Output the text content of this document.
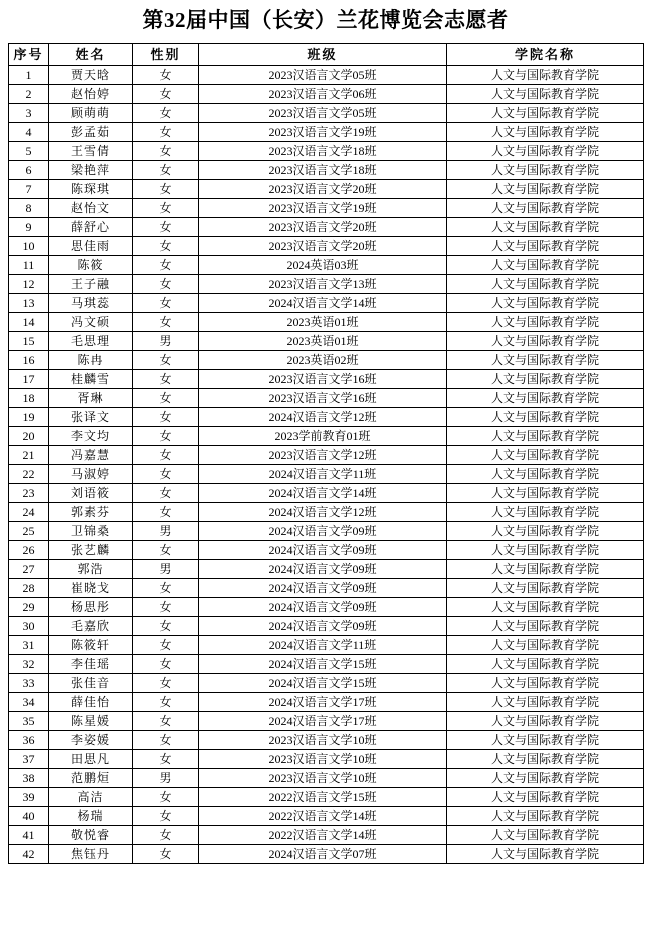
第32届中国（长安）兰花博览会志愿者
序号	姓名	性别	班级	学院名称
1	贾天晗	女	2023汉语言文学05班	人文与国际教育学院
2	赵怡婷	女	2023汉语言文学06班	人文与国际教育学院
3	顾萌萌	女	2023汉语言文学05班	人文与国际教育学院
4	彭孟茹	女	2023汉语言文学19班	人文与国际教育学院
5	王雪倩	女	2023汉语言文学18班	人文与国际教育学院
6	梁艳萍	女	2023汉语言文学18班	人文与国际教育学院
7	陈琛琪	女	2023汉语言文学20班	人文与国际教育学院
8	赵怡文	女	2023汉语言文学19班	人文与国际教育学院
9	薛舒心	女	2023汉语言文学20班	人文与国际教育学院
10	思佳雨	女	2023汉语言文学20班	人文与国际教育学院
11	陈筱	女	2024英语03班	人文与国际教育学院
12	王子融	女	2023汉语言文学13班	人文与国际教育学院
13	马琪蕊	女	2024汉语言文学14班	人文与国际教育学院
14	冯文硕	女	2023英语01班	人文与国际教育学院
15	毛思理	男	2023英语01班	人文与国际教育学院
16	陈冉	女	2023英语02班	人文与国际教育学院
17	桂麟雪	女	2023汉语言文学16班	人文与国际教育学院
18	胥琳	女	2023汉语言文学16班	人文与国际教育学院
19	张译文	女	2024汉语言文学12班	人文与国际教育学院
20	李文均	女	2023学前教育01班	人文与国际教育学院
21	冯嘉慧	女	2023汉语言文学12班	人文与国际教育学院
22	马淑婷	女	2024汉语言文学11班	人文与国际教育学院
23	刘语筱	女	2024汉语言文学14班	人文与国际教育学院
24	郭素芬	女	2024汉语言文学12班	人文与国际教育学院
25	卫锦桑	男	2024汉语言文学09班	人文与国际教育学院
26	张艺麟	女	2024汉语言文学09班	人文与国际教育学院
27	郭浩	男	2024汉语言文学09班	人文与国际教育学院
28	崔晓戈	女	2024汉语言文学09班	人文与国际教育学院
29	杨思彤	女	2024汉语言文学09班	人文与国际教育学院
30	毛嘉欣	女	2024汉语言文学09班	人文与国际教育学院
31	陈筱轩	女	2024汉语言文学11班	人文与国际教育学院
32	李佳瑶	女	2024汉语言文学15班	人文与国际教育学院
33	张佳音	女	2024汉语言文学15班	人文与国际教育学院
34	薛佳怡	女	2024汉语言文学17班	人文与国际教育学院
35	陈星媛	女	2024汉语言文学17班	人文与国际教育学院
36	李姿媛	女	2023汉语言文学10班	人文与国际教育学院
37	田思凡	女	2023汉语言文学10班	人文与国际教育学院
38	范鹏烜	男	2023汉语言文学10班	人文与国际教育学院
39	高洁	女	2022汉语言文学15班	人文与国际教育学院
40	杨瑞	女	2022汉语言文学14班	人文与国际教育学院
41	敬悦睿	女	2022汉语言文学14班	人文与国际教育学院
42	焦钰丹	女	2024汉语言文学07班	人文与国际教育学院
